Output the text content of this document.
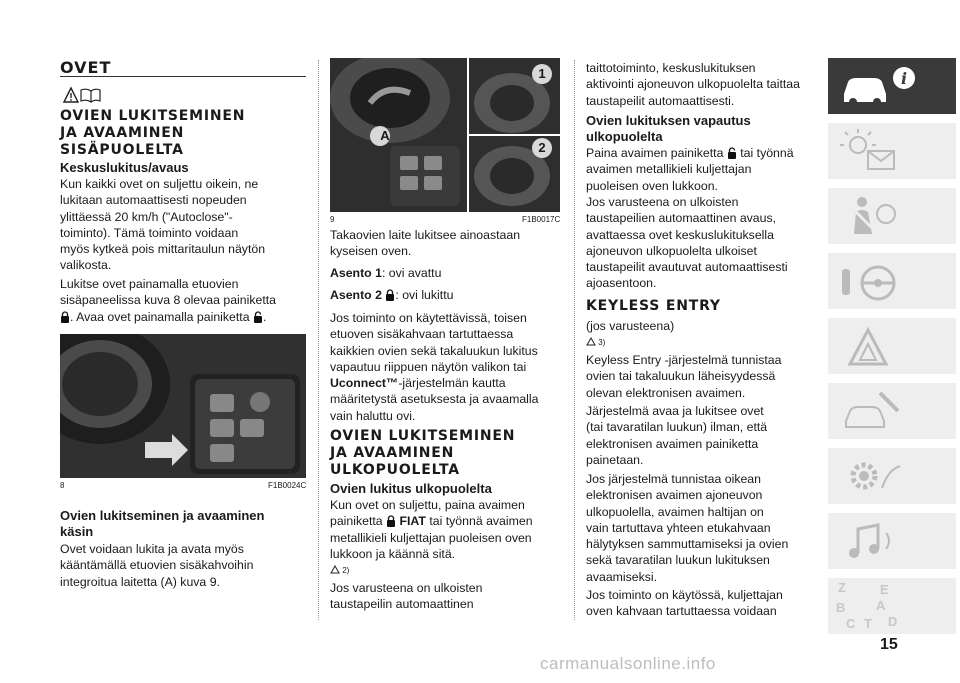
OVET

OVIEN LUKITSEMINEN

JA AVAAMINEN

SISÄPUOLELTA

Keskuslukitus/avaus

Kun kaikki ovet on suljettu oikein, ne

lukitaan automaattisesti nopeuden

ylittäessä 20 km/h ("Autoclose"-

toiminto). Tämä toiminto voidaan

myös kytkeä pois mittaritaulun näytön

valikosta.

Lukitse ovet painamalla etuovien

sisäpaneelissa kuva 8 olevaa painiketta

. Avaa ovet painamalla painiketta .

8	F1B0024C

Ovien lukitseminen ja avaaminen

käsin

Ovet voidaan lukita ja avata myös

kääntämällä etuovien sisäkahvoihin

integroitua laitetta (A) kuva 9.

A
1
2
9	F1B0017C

Takaovien laite lukitsee ainoastaan

kyseisen oven.

Asento 1: ovi avattu

Asento 2 : ovi lukittu

Jos toiminto on käytettävissä, toisen

etuoven sisäkahvaan tartuttaessa

kaikkien ovien sekä takaluukun lukitus

vapautuu riippuen näytön valikon tai

Uconnect™-järjestelmän kautta

määritetystä asetuksesta ja avaamalla

vain haluttu ovi.

OVIEN LUKITSEMINEN

JA AVAAMINEN

ULKOPUOLELTA

Ovien lukitus ulkopuolelta

Kun ovet on suljettu, paina avaimen

painiketta FIAT tai työnnä avaimen

metallikieli kuljettajan puoleisen oven

lukkoon ja käännä sitä.

2)

Jos varusteena on ulkoisten

taustapeilin automaattinen

taittotoiminto, keskuslukituksen

aktivointi ajoneuvon ulkopuolelta taittaa

taustapeilit automaattisesti.

Ovien lukituksen vapautus

ulkopuolelta

Paina avaimen painiketta tai työnnä

avaimen metallikieli kuljettajan

puoleisen oven lukkoon.

Jos varusteena on ulkoisten

taustapeilien automaattinen avaus,

avattaessa ovet keskuslukituksella

ajoneuvon ulkopuolelta ulkoiset

taustapeilit avautuvat automaattisesti

ajoasentoon.

KEYLESS ENTRY

(jos varusteena)

3)

Keyless Entry -järjestelmä tunnistaa

ovien tai takaluukun läheisyydessä

olevan elektronisen avaimen.

Järjestelmä avaa ja lukitsee ovet

(tai tavaratilan luukun) ilman, että

elektronisen avaimen painiketta

painetaan.

Jos järjestelmä tunnistaa oikean

elektronisen avaimen ajoneuvon

ulkopuolella, avaimen haltijan on

vain tartuttava yhteen etukahvaan

hälytyksen sammuttamiseksi ja ovien

sekä tavaratilan luukun lukituksen

avaamiseksi.

Jos toiminto on käytössä, kuljettajan

oven kahvaan tartuttaessa voidaan

i
Z	E
B A
C T D
15
carmanualsonline.info
